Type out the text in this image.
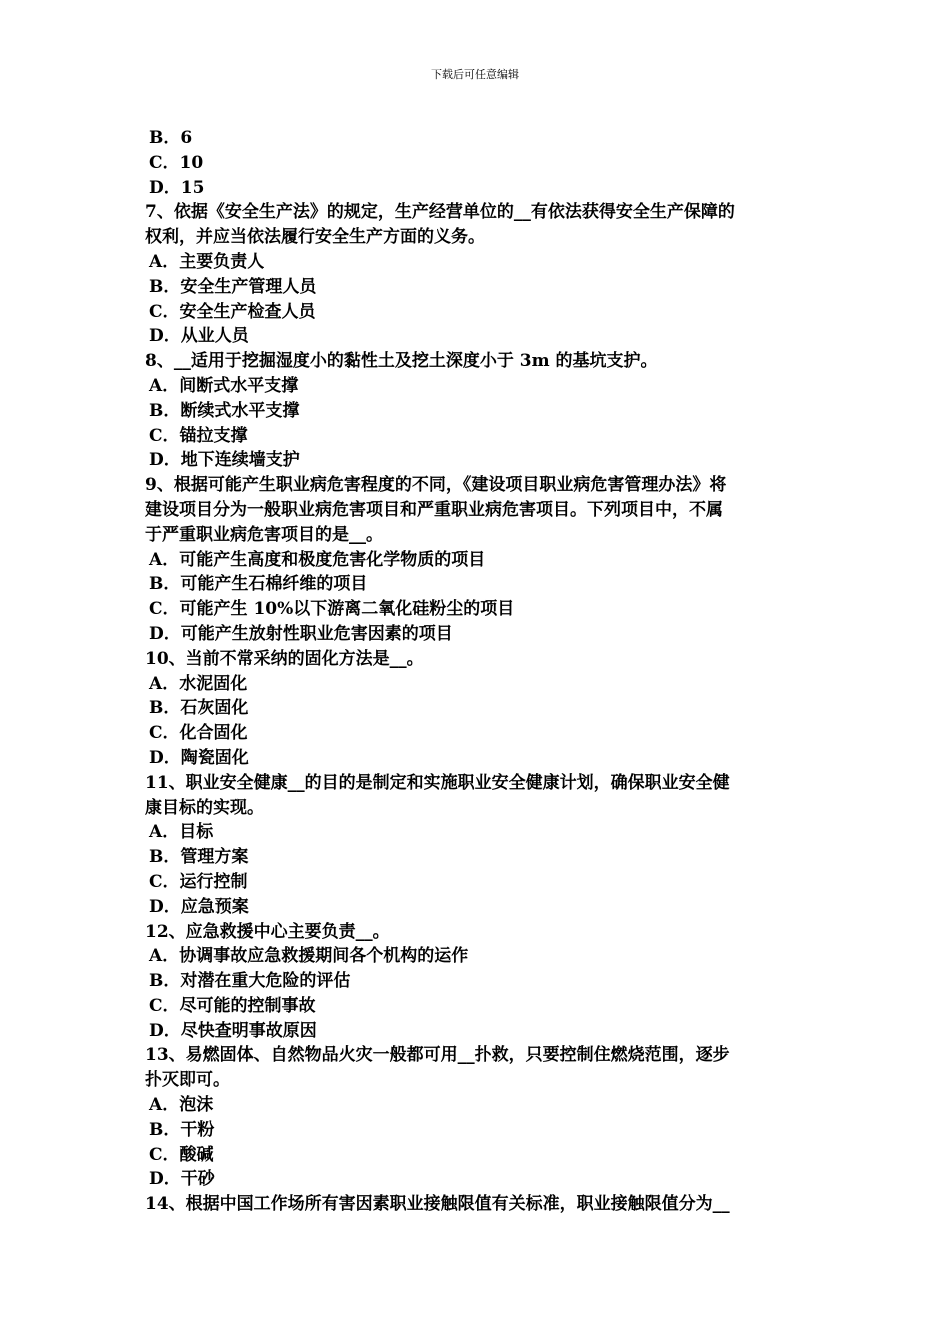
下载后可任意编辑
B．6
C．10
D．15
7、依据《安全生产法》的规定，生产经营单位的__有依法获得安全生产保障的
权利，并应当依法履行安全生产方面的义务。
A．主要负责人
B．安全生产管理人员
C．安全生产检查人员
D．从业人员
8、__适用于挖掘湿度小的黏性土及挖土深度小于 3m 的基坑支护。
A．间断式水平支撑
B．断续式水平支撑
C．锚拉支撑
D．地下连续墙支护
9、根据可能产生职业病危害程度的不同，《建设项目职业病危害管理办法》将
建设项目分为一般职业病危害项目和严重职业病危害项目。下列项目中，不属
于严重职业病危害项目的是__。
A．可能产生高度和极度危害化学物质的项目
B．可能产生石棉纤维的项目
C．可能产生 10%以下游离二氧化硅粉尘的项目
D．可能产生放射性职业危害因素的项目
10、当前不常采纳的固化方法是__。
A．水泥固化
B．石灰固化
C．化合固化
D．陶瓷固化
11、职业安全健康__的目的是制定和实施职业安全健康计划，确保职业安全健
康目标的实现。
A．目标
B．管理方案
C．运行控制
D．应急预案
12、应急救援中心主要负责__。
A．协调事故应急救援期间各个机构的运作
B．对潜在重大危险的评估
C．尽可能的控制事故
D．尽快查明事故原因
13、易燃固体、自然物品火灾一般都可用__扑救，只要控制住燃烧范围，逐步
扑灭即可。
A．泡沫
B．干粉
C．酸碱
D．干砂
14、根据中国工作场所有害因素职业接触限值有关标准，职业接触限值分为__
